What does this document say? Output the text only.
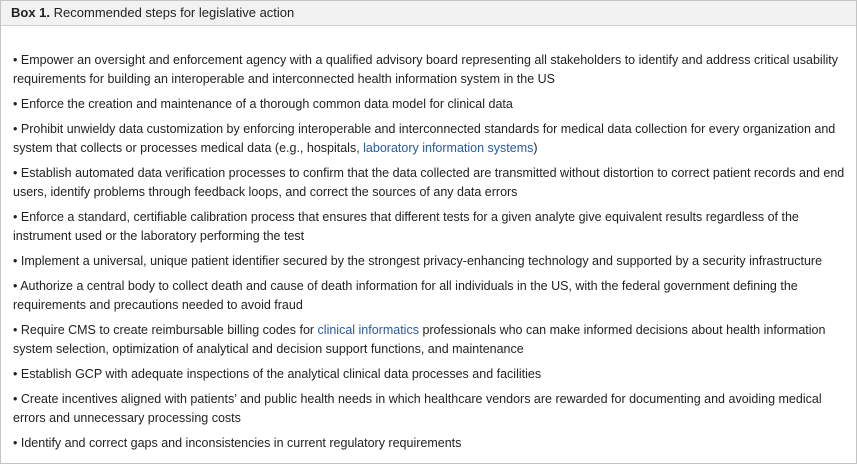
Box 1. Recommended steps for legislative action
• Empower an oversight and enforcement agency with a qualified advisory board representing all stakeholders to identify and address critical usability requirements for building an interoperable and interconnected health information system in the US
• Enforce the creation and maintenance of a thorough common data model for clinical data
• Prohibit unwieldy data customization by enforcing interoperable and interconnected standards for medical data collection for every organization and system that collects or processes medical data (e.g., hospitals, laboratory information systems)
• Establish automated data verification processes to confirm that the data collected are transmitted without distortion to correct patient records and end users, identify problems through feedback loops, and correct the sources of any data errors
• Enforce a standard, certifiable calibration process that ensures that different tests for a given analyte give equivalent results regardless of the instrument used or the laboratory performing the test
• Implement a universal, unique patient identifier secured by the strongest privacy-enhancing technology and supported by a security infrastructure
• Authorize a central body to collect death and cause of death information for all individuals in the US, with the federal government defining the requirements and precautions needed to avoid fraud
• Require CMS to create reimbursable billing codes for clinical informatics professionals who can make informed decisions about health information system selection, optimization of analytical and decision support functions, and maintenance
• Establish GCP with adequate inspections of the analytical clinical data processes and facilities
• Create incentives aligned with patients’ and public health needs in which healthcare vendors are rewarded for documenting and avoiding medical errors and unnecessary processing costs
• Identify and correct gaps and inconsistencies in current regulatory requirements
